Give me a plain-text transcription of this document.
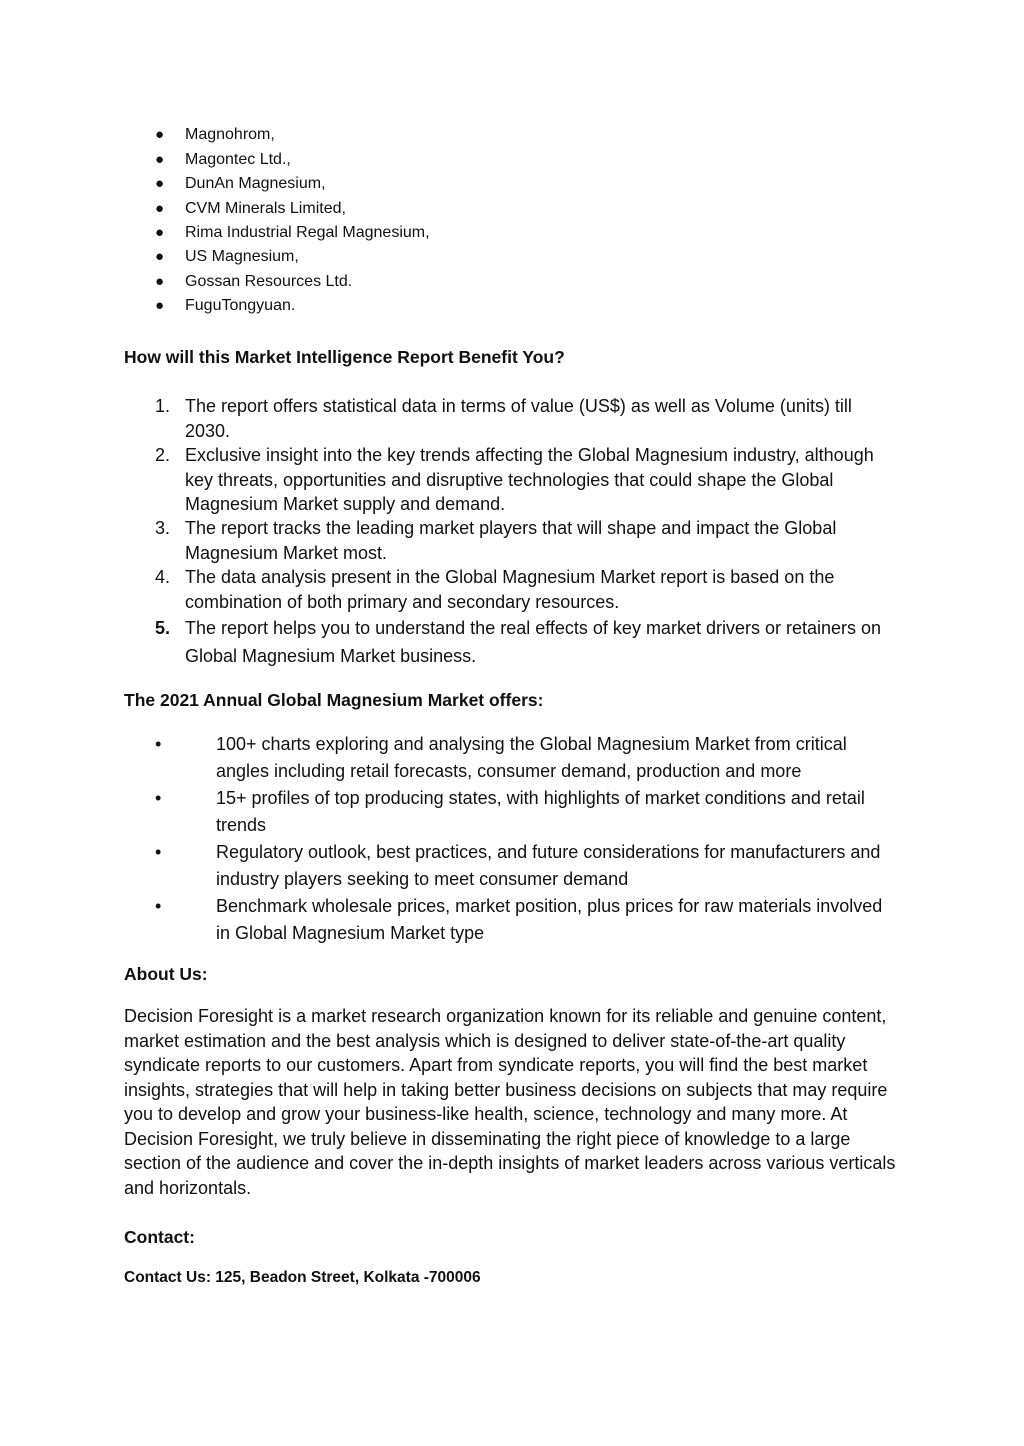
●	Magnohrom,
●	Magontec Ltd.,
●	DunAn Magnesium,
●	CVM Minerals Limited,
●	Rima Industrial Regal Magnesium,
●	US Magnesium,
●	Gossan Resources Ltd.
●	FuguTongyuan.
How will this Market Intelligence Report Benefit You?
1. The report offers statistical data in terms of value (US$) as well as Volume (units) till 2030.
2. Exclusive insight into the key trends affecting the Global Magnesium industry, although key threats, opportunities and disruptive technologies that could shape the Global Magnesium Market supply and demand.
3. The report tracks the leading market players that will shape and impact the Global Magnesium Market most.
4. The data analysis present in the Global Magnesium Market report is based on the combination of both primary and secondary resources.
5. The report helps you to understand the real effects of key market drivers or retainers on Global Magnesium Market business.
The 2021 Annual Global Magnesium Market offers:
•	100+ charts exploring and analysing the Global Magnesium Market from critical angles including retail forecasts, consumer demand, production and more
•	15+ profiles of top producing states, with highlights of market conditions and retail trends
•	Regulatory outlook, best practices, and future considerations for manufacturers and industry players seeking to meet consumer demand
•	Benchmark wholesale prices, market position, plus prices for raw materials involved in Global Magnesium Market type
About Us:
Decision Foresight is a market research organization known for its reliable and genuine content, market estimation and the best analysis which is designed to deliver state-of-the-art quality syndicate reports to our customers. Apart from syndicate reports, you will find the best market insights, strategies that will help in taking better business decisions on subjects that may require you to develop and grow your business-like health, science, technology and many more. At Decision Foresight, we truly believe in disseminating the right piece of knowledge to a large section of the audience and cover the in-depth insights of market leaders across various verticals and horizontals.
Contact:
Contact Us: 125, Beadon Street, Kolkata -700006
